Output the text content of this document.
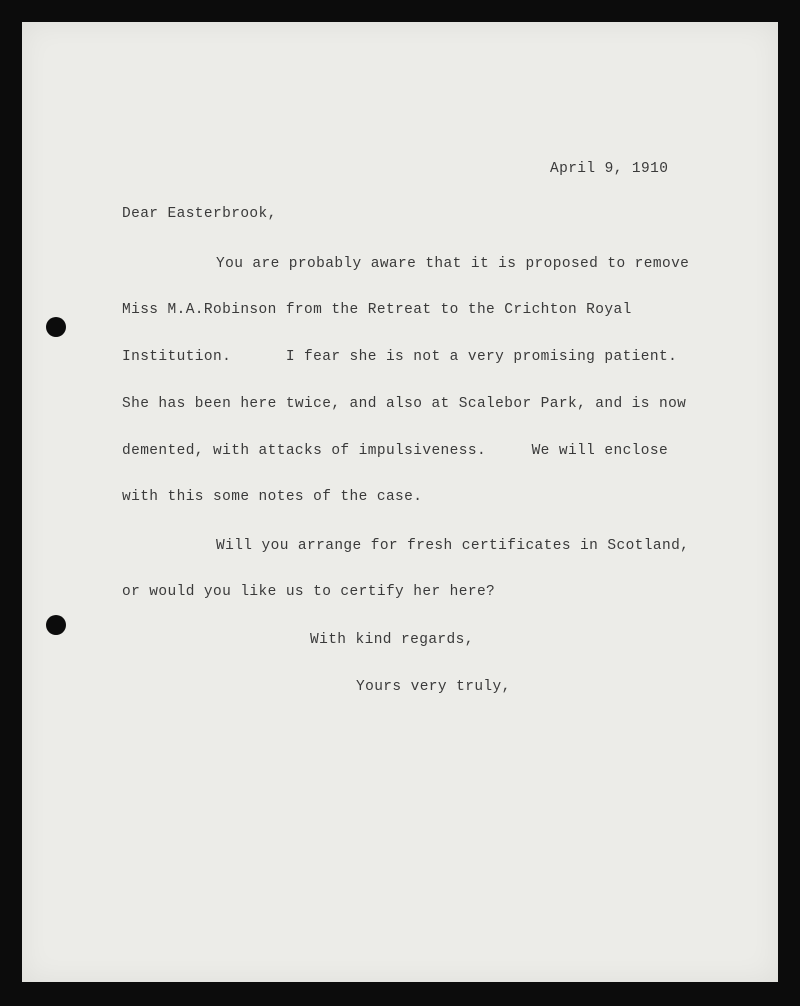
April 9, 1910
Dear Easterbrook,
You are probably aware that it is proposed to remove
Miss M.A.Robinson from the Retreat to the Crichton Royal
Institution.      I fear she is not a very promising patient.
She has been here twice, and also at Scalebor Park, and is now
demented, with attacks of impulsiveness.     We will enclose
with this some notes of the case.
Will you arrange for fresh certificates in Scotland,
or would you like us to certify her here?
With kind regards,
Yours very truly,
